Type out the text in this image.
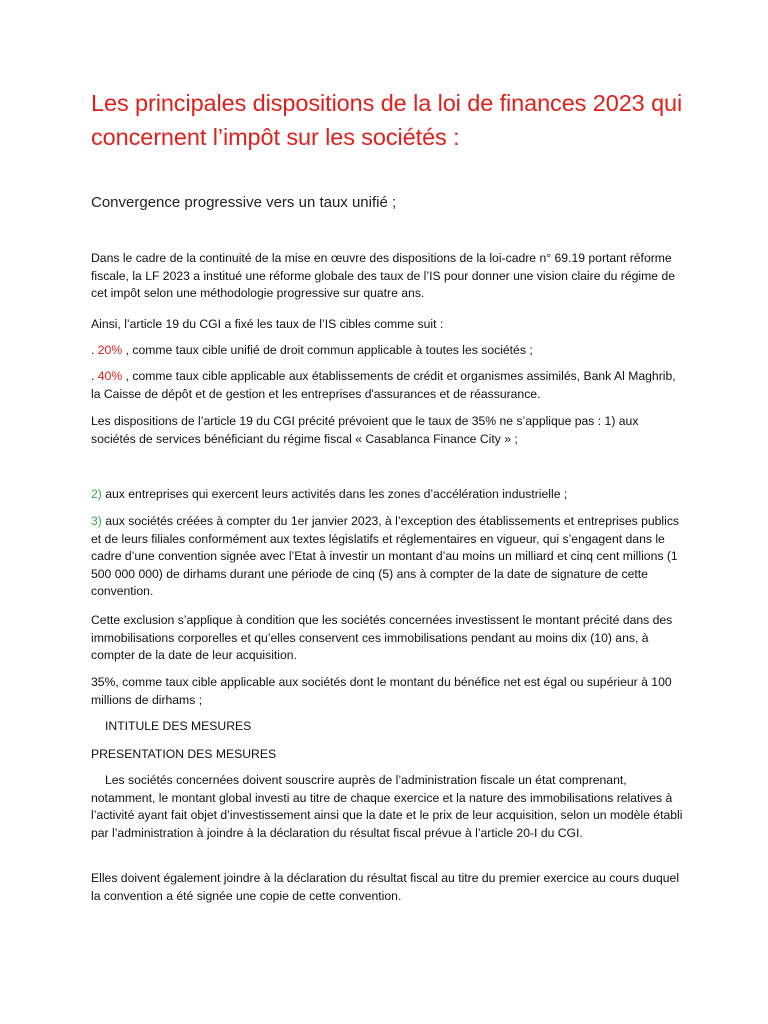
Les principales dispositions de la loi de finances 2023 qui concernent l’impôt sur les sociétés :
Convergence progressive vers un taux unifié ;

Dans le cadre de la continuité de la mise en œuvre des dispositions de la loi-cadre n° 69.19 portant réforme fiscale, la LF 2023 a institué une réforme globale des taux de l’IS pour donner une vision claire du régime de cet impôt selon une méthodologie progressive sur quatre ans.

Ainsi, l’article 19 du CGI a fixé les taux de l’IS cibles comme suit :

. 20% , comme taux cible unifié de droit commun applicable à toutes les sociétés ;

. 40% , comme taux cible applicable aux établissements de crédit et organismes assimilés, Bank Al Maghrib, la Caisse de dépôt et de gestion et les entreprises d'assurances et de réassurance.

Les dispositions de l’article 19 du CGI précité prévoient que le taux de 35% ne s’applique pas : 1) aux sociétés de services bénéficiant du régime fiscal « Casablanca Finance City » ;

2) aux entreprises qui exercent leurs activités dans les zones d’accélération industrielle ;

3) aux sociétés créées à compter du 1er janvier 2023, à l’exception des établissements et entreprises publics et de leurs filiales conformément aux textes législatifs et réglementaires en vigueur, qui s’engagent dans le cadre d’une convention signée avec l’Etat à investir un montant d’au moins un milliard et cinq cent millions (1 500 000 000) de dirhams durant une période de cinq (5) ans à compter de la date de signature de cette convention.

Cette exclusion s’applique à condition que les sociétés concernées investissent le montant précité dans des immobilisations corporelles et qu’elles conservent ces immobilisations pendant au moins dix (10) ans, à compter de la date de leur acquisition.

35%, comme taux cible applicable aux sociétés dont le montant du bénéfice net est égal ou supérieur à 100 millions de dirhams ;

INTITULE DES MESURES

PRESENTATION DES MESURES

Les sociétés concernées doivent souscrire auprès de l’administration fiscale un état comprenant, notamment, le montant global investi au titre de chaque exercice et la nature des immobilisations relatives à l’activité ayant fait objet d’investissement ainsi que la date et le prix de leur acquisition, selon un modèle établi par l’administration à joindre à la déclaration du résultat fiscal prévue à l’article 20-I du CGI.

Elles doivent également joindre à la déclaration du résultat fiscal au titre du premier exercice au cours duquel la convention a été signée une copie de cette convention.
